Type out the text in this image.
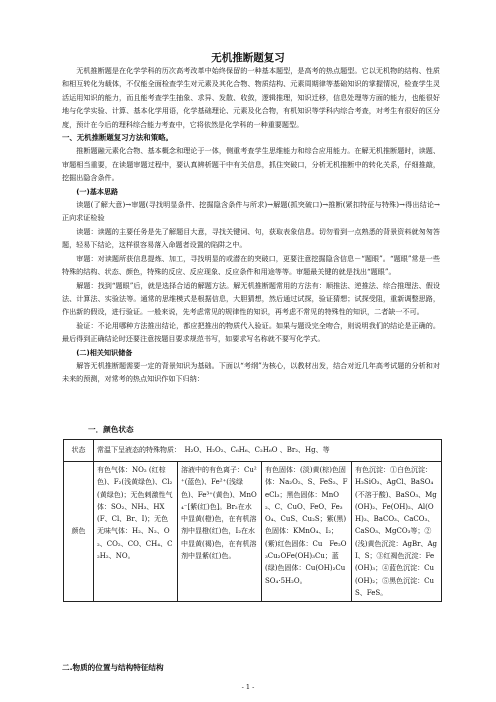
无机推断题复习

无机推断题是在化学学科的历次高考改革中始终保留的一种基本题型，是高考的热点题型。它以无机物的结构、性质和相互转化为载体，不仅能全面检查学生对元素及其化合物、物质结构、元素周期律等基础知识的掌握情况，检查学生灵活运用知识的能力，而且能考查学生抽象、求异、发散、收敛，逻辑推理，知识迁移，信息处理等方面的能力，也能很好地与化学实验、计算、基本化学用语，化学基础理论、元素及化合物，有机知识等学科内综合考查，对考生有很好的区分度，预计在今后的理科综合能力考查中，它将依然是化学科的一种重要题型。

一、无机推断题复习方法和策略。

推断题融元素化合物、基本概念和理论于一体，侧重考查学生思维能力和综合应用能力。在解无机推断题时，读题、审题相当重要，在读题审题过程中，要认真辨析题干中有关信息，抓住突破口，分析无机推断中的转化关系，仔细推敲，挖掘出隐含条件。

(一)基本思路

读题(了解大意)→审题(寻找明显条件、挖掘隐含条件与所求)→解题(抓突破口)→推断(紧扣特征与特殊)→得出结论→正向求证检验

读题：读题的主要任务是先了解题目大意，寻找关键词、句，获取表象信息。切勿看到一点熟悉的背景资料就匆匆答题，轻易下结论，这样很容易落入命题者设置的陷阱之中。

审题：对读题所获信息提炼、加工，寻找明显的或潜在的突破口，更要注意挖掘隐含信息－“题眼”。“题眼”常是一些特殊的结构、状态、颜色，特殊的反应、反应现象、反应条件和用途等等。审题最关键的就是找出“题眼”。

解题：找到“题眼”后，就是选择合适的解题方法。解无机推断题常用的方法有：顺推法、逆推法、综合推理法、假设法、计算法、实验法等。通常的思维模式是根据信息，大胆猜想，然后通过试探，验证猜想；试探受阻，重新调整思路，作出新的假设，进行验证。一般来说，先考虑常见的规律性的知识，再考虑不常见的特殊性的知识，二者缺一不可。

验证：不论用哪种方法推出结论，都应把推出的物质代入验证。如果与题设完全吻合，则说明我们的结论是正确的。最后得到正确结论时还要注意按题目要求规范书写，如要求写名称就不要写化学式。

(二)相关知识储备

解答无机推断题需要一定的背景知识为基础。下面以“考纲”为核心，以教材出发，结合对近几年高考试题的分析和对未来的预测，对常考的热点知识作如下归纳：

一．颜色状态
状态	常温下呈液态的特殊物质：　H₂O、H₂O₂、C₆H₆、C₂H₆O 、Br₂、Hg、等			
颜色	有色气体：NO₂ (红棕色)、F₂(浅黄绿色)、Cl₂(黄绿色)；无色刺激性气体：SO₂、NH₃、HX(F、Cl、Br、I)；无色无味气体：H₂、N₂、O₂、CO₂、CO、CH₄、C₂H₂、NO。	溶液中的有色离子：Cu²⁺(蓝色)、Fe²⁺(浅绿色)、Fe³⁺(黄色)、MnO₄⁻[紫(红)色]。Br₂在水中显黄(橙)色，在有机溶剂中显橙(红)色，I₂在水中显黄(褐)色，在有机溶剂中显紫(红)色。	有色固体：(淡)黄(棕)色固体：Na₂O₂、S、FeS₂、FeCl₃；黑色固体：MnO₂、C、CuO、FeO、Fe₃O₄、CuS、Cu₂S；紫(黑)色固体：KMnO₄、I₂；(紫)红色固体：Cu　Fe₂O₃Cu₂OFe(OH)₃Cu；蓝(绿)色固体：Cu(OH)₂CuSO₄·5H₂O。	有色沉淀：①白色沉淀：H₂SiO₃、AgCl、BaSO₄(不溶于酸)、BaSO₃、Mg(OH)₂、Fe(OH)₂、Al(OH)₃、BaCO₃、CaCO₃、CaSO₃、MgCO₃等；②(浅)黄色沉淀：AgBr、AgI、S；③红褐色沉淀：Fe(OH)₃；④蓝色沉淀：Cu(OH)₂；⑤黑色沉淀：CuS、FeS。
二.物质的位置与结构特征结构
- 1 -
